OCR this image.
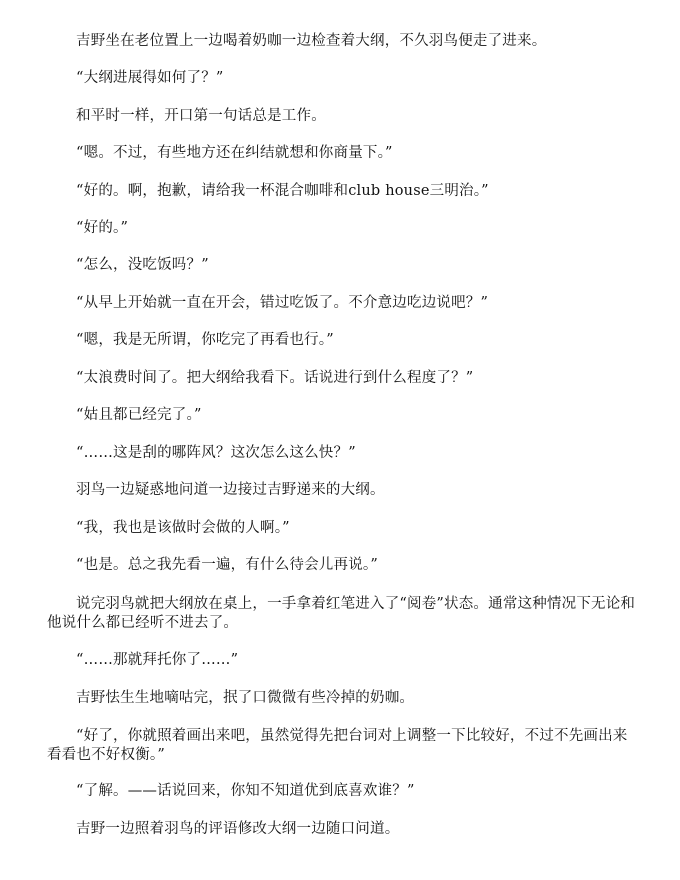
吉野坐在老位置上一边喝着奶咖一边检查着大纲，不久羽鸟便走了进来。

“大纲进展得如何了？”

和平时一样，开口第一句话总是工作。

“嗯。不过，有些地方还在纠结就想和你商量下。”

“好的。啊，抱歉，请给我一杯混合咖啡和club house三明治。”

“好的。”

“怎么，没吃饭吗？”

“从早上开始就一直在开会，错过吃饭了。不介意边吃边说吧？”

“嗯，我是无所谓，你吃完了再看也行。”

“太浪费时间了。把大纲给我看下。话说进行到什么程度了？”

“姑且都已经完了。”

“……这是刮的哪阵风？这次怎么这么快？”

羽鸟一边疑惑地问道一边接过吉野递来的大纲。

“我，我也是该做时会做的人啊。”

“也是。总之我先看一遍，有什么待会儿再说。”

说完羽鸟就把大纲放在桌上，一手拿着红笔进入了“阅卷”状态。通常这种情况下无论和他说什么都已经听不进去了。

“……那就拜托你了……”

吉野怯生生地嘀咕完，抿了口微微有些冷掉的奶咖。

“好了，你就照着画出来吧，虽然觉得先把台词对上调整一下比较好，不过不先画出来看看也不好权衡。”

“了解。——话说回来，你知不知道优到底喜欢谁？”

吉野一边照着羽鸟的评语修改大纲一边随口问道。
